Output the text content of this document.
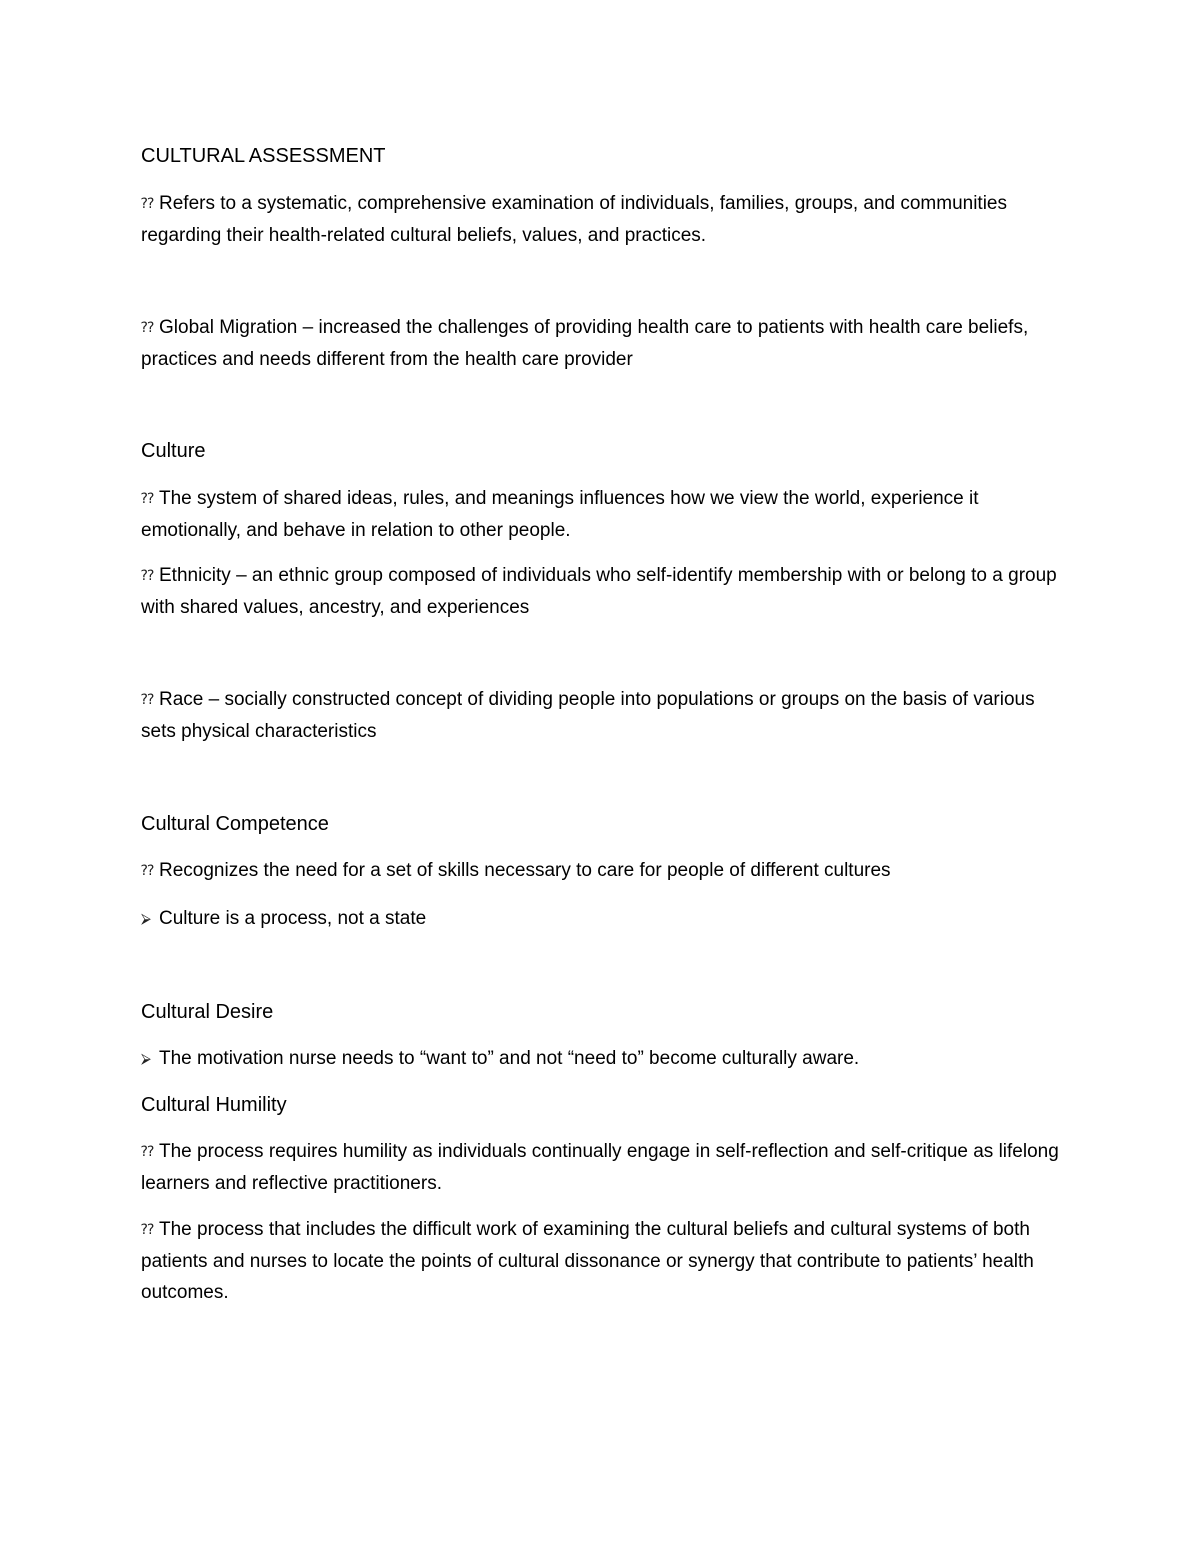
CULTURAL ASSESSMENT
⁇ Refers to a systematic, comprehensive examination of individuals, families, groups, and communities regarding their health-related cultural beliefs, values, and practices.
⁇ Global Migration – increased the challenges of providing health care to patients with health care beliefs, practices and needs different from the health care provider
Culture
⁇ The system of shared ideas, rules, and meanings influences how we view the world, experience it emotionally, and behave in relation to other people.
⁇ Ethnicity – an ethnic group composed of individuals who self-identify membership with or belong to a group with shared values, ancestry, and experiences
⁇ Race – socially constructed concept of dividing people into populations or groups on the basis of various sets physical characteristics
Cultural Competence
⁇ Recognizes the need for a set of skills necessary to care for people of different cultures
⮚ Culture is a process, not a state
Cultural Desire
⮚ The motivation nurse needs to “want to” and not “need to” become culturally aware.
Cultural Humility
⁇ The process requires humility as individuals continually engage in self-reflection and self-critique as lifelong learners and reflective practitioners.
⁇ The process that includes the difficult work of examining the cultural beliefs and cultural systems of both patients and nurses to locate the points of cultural dissonance or synergy that contribute to patients’ health outcomes.
